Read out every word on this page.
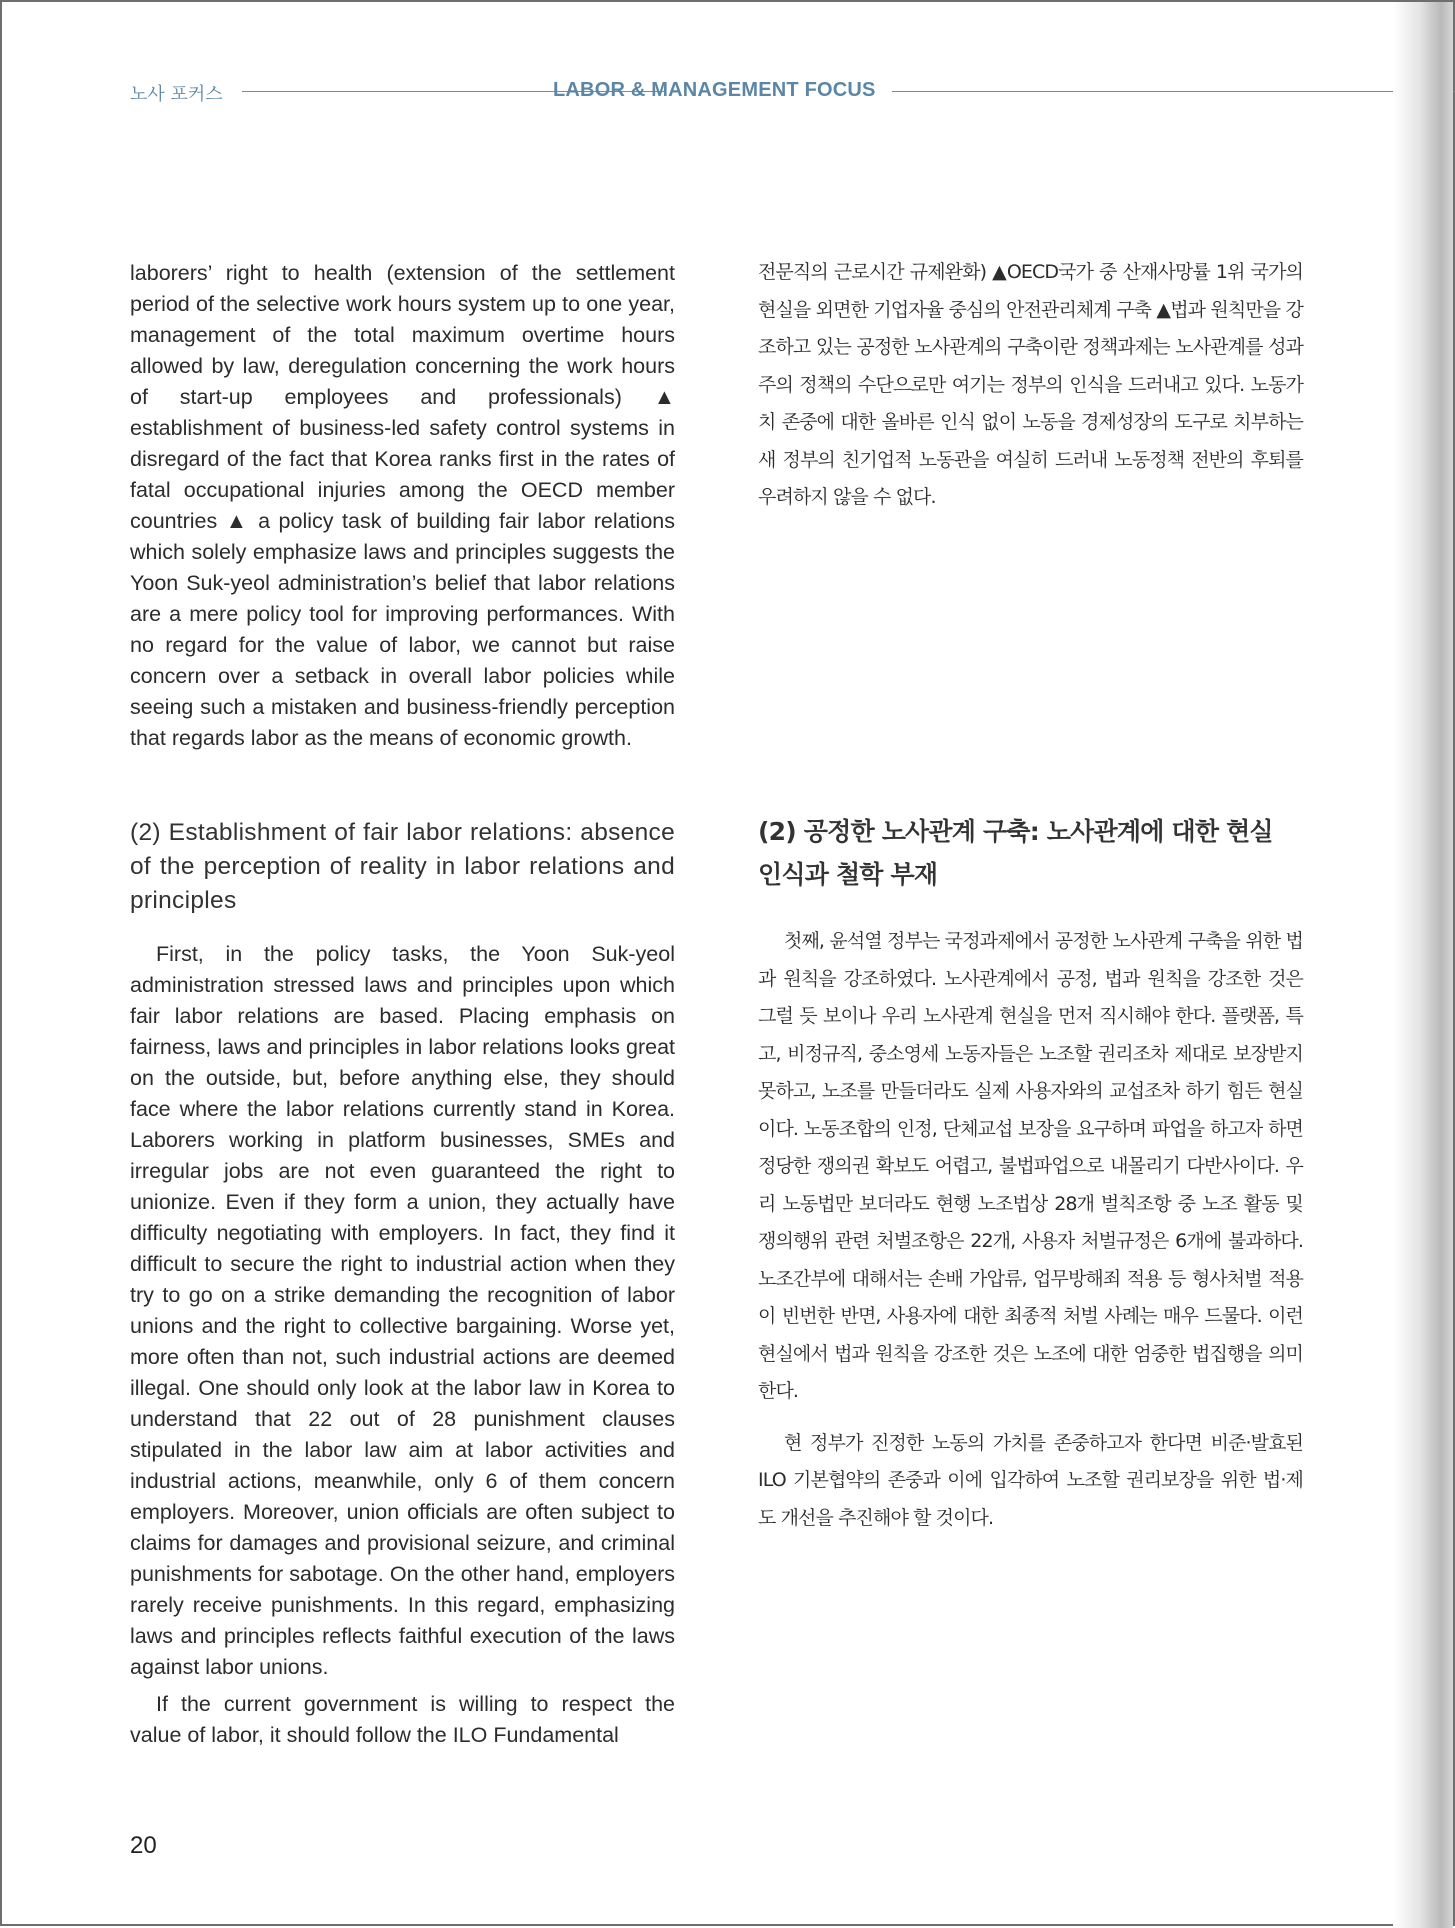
노사 포커스	LABOR & MANAGEMENT FOCUS

laborers’ right to health (extension of the settlement period of the selective work hours system up to one year, management of the total maximum overtime hours allowed by law, deregulation concerning the work hours of start-up employees and professionals) ▲ establishment of business-led safety control systems in disregard of the fact that Korea ranks first in the rates of fatal occupational injuries among the OECD member countries ▲ a policy task of building fair labor relations which solely emphasize laws and principles suggests the Yoon Suk-yeol administration’s belief that labor relations are a mere policy tool for improving performances. With no regard for the value of labor, we cannot but raise concern over a setback in overall labor policies while seeing such a mistaken and business-friendly perception that regards labor as the means of economic growth.

전문직의 근로시간 규제완화) ▲OECD국가 중 산재사망률 1위 국가의 현실을 외면한 기업자율 중심의 안전관리체계 구축 ▲법과 원칙만을 강조하고 있는 공정한 노사관계의 구축이란 정책과제는 노사관계를 성과주의 정책의 수단으로만 여기는 정부의 인식을 드러내고 있다. 노동가치 존중에 대한 올바른 인식 없이 노동을 경제성장의 도구로 치부하는 새 정부의 친기업적 노동관을 여실히 드러내 노동정책 전반의 후퇴를 우려하지 않을 수 없다.

(2) Establishment of fair labor relations: absence of the perception of reality in labor relations and principles
(2) 공정한 노사관계 구축: 노사관계에 대한 현실 인식과 철학 부재

First, in the policy tasks, the Yoon Suk-yeol administration stressed laws and principles upon which fair labor relations are based. Placing emphasis on fairness, laws and principles in labor relations looks great on the outside, but, before anything else, they should face where the labor relations currently stand in Korea. Laborers working in platform businesses, SMEs and irregular jobs are not even guaranteed the right to unionize. Even if they form a union, they actually have difficulty negotiating with employers. In fact, they find it difficult to secure the right to industrial action when they try to go on a strike demanding the recognition of labor unions and the right to collective bargaining. Worse yet, more often than not, such industrial actions are deemed illegal. One should only look at the labor law in Korea to understand that 22 out of 28 punishment clauses stipulated in the labor law aim at labor activities and industrial actions, meanwhile, only 6 of them concern employers. Moreover, union officials are often subject to claims for damages and provisional seizure, and criminal punishments for sabotage. On the other hand, employers rarely receive punishments. In this regard, emphasizing laws and principles reflects faithful execution of the laws against labor unions.

If the current government is willing to respect the value of labor, it should follow the ILO Fundamental

첫째, 윤석열 정부는 국정과제에서 공정한 노사관계 구축을 위한 법과 원칙을 강조하였다. 노사관계에서 공정, 법과 원칙을 강조한 것은 그럴 듯 보이나 우리 노사관계 현실을 먼저 직시해야 한다. 플랫폼, 특고, 비정규직, 중소영세 노동자들은 노조할 권리조차 제대로 보장받지 못하고, 노조를 만들더라도 실제 사용자와의 교섭조차 하기 힘든 현실이다. 노동조합의 인정, 단체교섭 보장을 요구하며 파업을 하고자 하면 정당한 쟁의권 확보도 어렵고, 불법파업으로 내몰리기 다반사이다. 우리 노동법만 보더라도 현행 노조법상 28개 벌칙조항 중 노조 활동 및 쟁의행위 관련 처벌조항은 22개, 사용자 처벌규정은 6개에 불과하다. 노조간부에 대해서는 손배 가압류, 업무방해죄 적용 등 형사처벌 적용이 빈번한 반면, 사용자에 대한 최종적 처벌 사례는 매우 드물다. 이런 현실에서 법과 원칙을 강조한 것은 노조에 대한 엄중한 법집행을 의미한다.

현 정부가 진정한 노동의 가치를 존중하고자 한다면 비준·발효된 ILO 기본협약의 존중과 이에 입각하여 노조할 권리보장을 위한 법·제도 개선을 추진해야 할 것이다.

20
